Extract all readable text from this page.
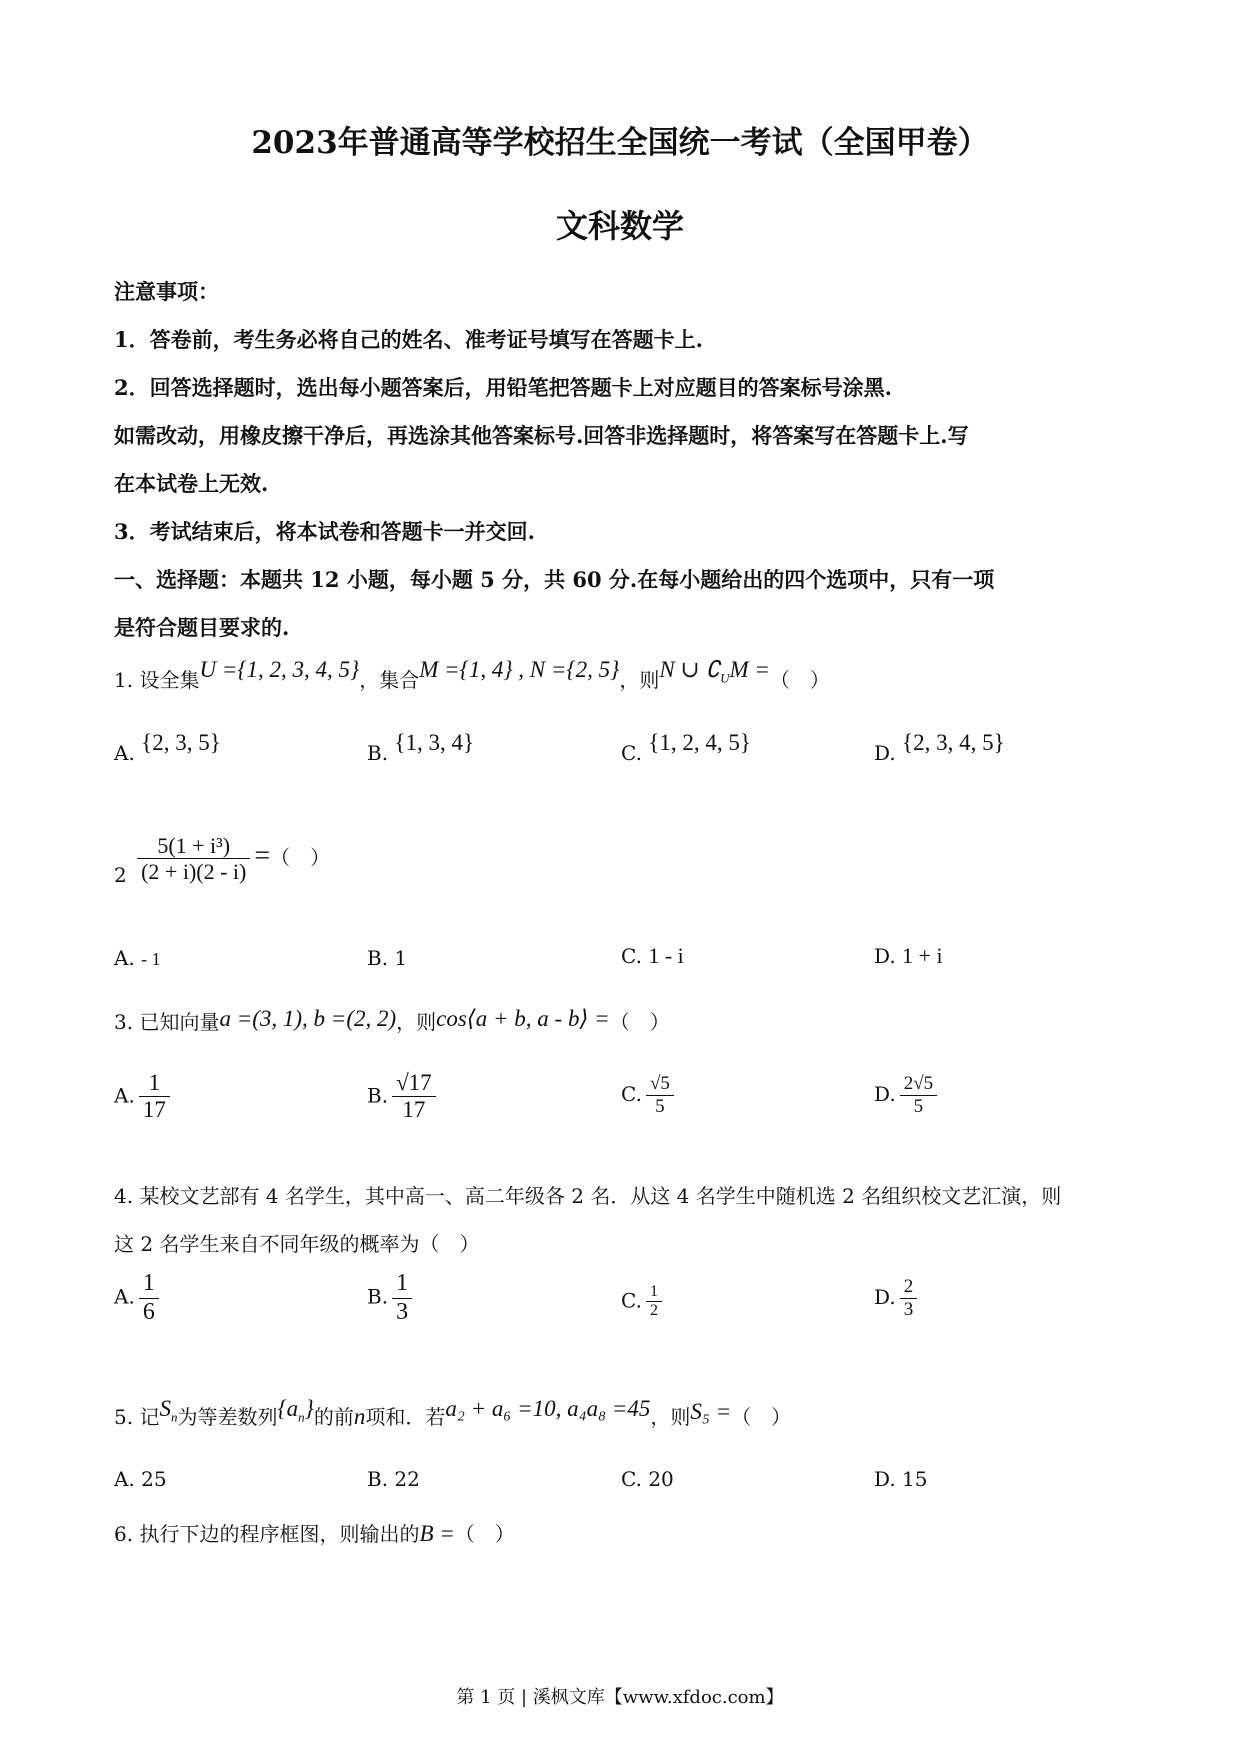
2023年普通高等学校招生全国统一考试（全国甲卷）
文科数学
注意事项：
1．答卷前，考生务必将自己的姓名、准考证号填写在答题卡上.
2．回答选择题时，选出每小题答案后，用铅笔把答题卡上对应题目的答案标号涂黑.
如需改动，用橡皮擦干净后，再选涂其他答案标号.回答非选择题时，将答案写在答题卡上.写
在本试卷上无效.
3．考试结束后，将本试卷和答题卡一并交回.
一、选择题：本题共 12 小题，每小题 5 分，共 60 分.在每小题给出的四个选项中，只有一项
是符合题目要求的.
1. 设全集U ={1, 2, 3, 4, 5}，集合M ={1, 4} , N ={2, 5}，则N ∪ $∁_UM$ =（　）
A. {2, 3, 5}	B. {1, 3, 4}	C. {1, 2, 4, 5}	D. {2, 3, 4, 5}
$2 \frac{\text{5(1 + i³)}}{(2 + i)(2 - i)}$ =（　）
A. - 1	B. 1	C. 1 - i	D. 1 + i
3. 已知向量a =(3, 1), b =(2, 2)，则cos⟨a + b, a - b⟩ =（　）
A. $\frac{1}{17}$	B. $\frac{√17}{17}$	C. $\frac{√5}{5}$	D. $\frac{2√5}{5}$
4. 某校文艺部有 4 名学生，其中高一、高二年级各 2 名．从这 4 名学生中随机选 2 名组织校文艺汇演，则
这 2 名学生来自不同年级的概率为（　）
A. $\frac{1}{6}$	B. $\frac{1}{3}$	C. $\frac{1}{2}$	D. $\frac{2}{3}$
5. 记$S_n$为等差数列$\{a_n\}$的前n项和．若a₂ + a₆ =10, a₄a₈ =45，则S₅ =（　）
A. 25	B. 22	C. 20	D. 15
6. 执行下边的程序框图，则输出的B =（　）
第 1 页 | 溪枫文库【www.xfdoc.com】
